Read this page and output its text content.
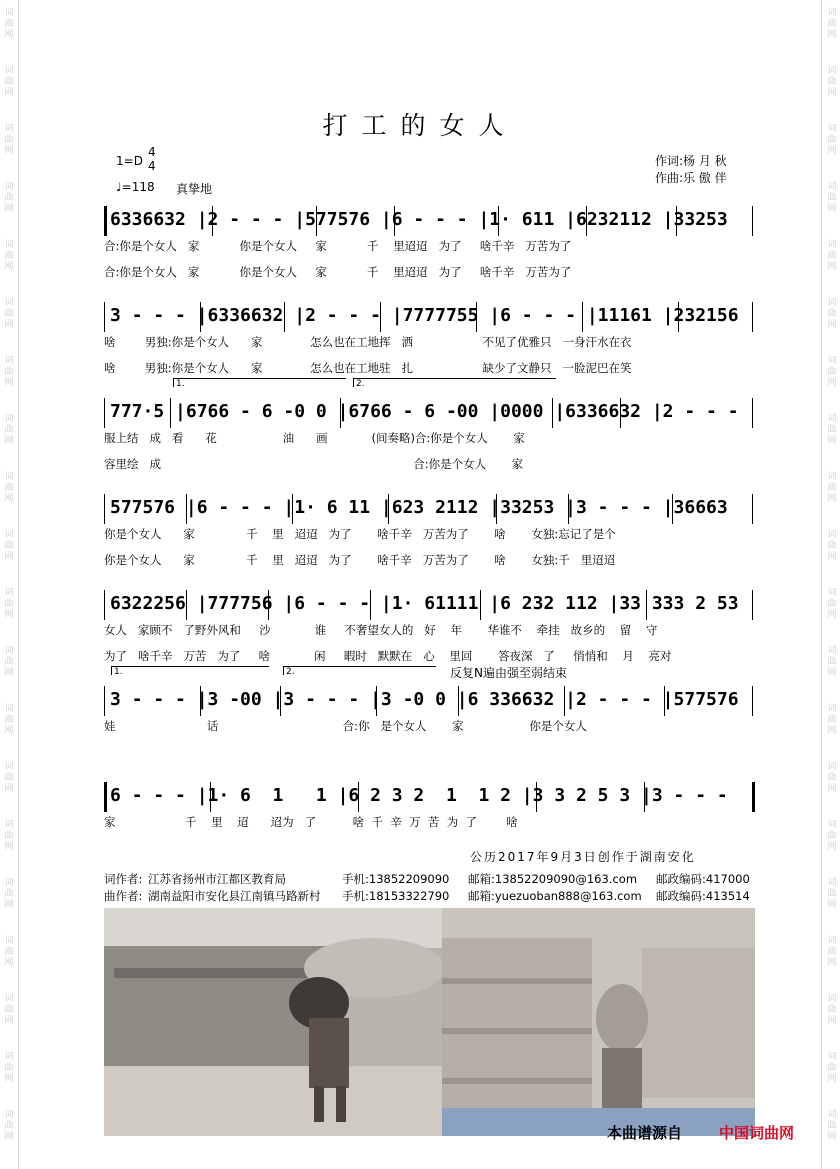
词曲网
词曲网
词曲网
词曲网
词曲网
词曲网
词曲网
词曲网
词曲网
词曲网
词曲网
词曲网
词曲网
词曲网
词曲网
词曲网
词曲网
词曲网
词曲网
词曲网
词曲网
词曲网
词曲网
词曲网
词曲网
词曲网
词曲网
词曲网
词曲网
词曲网
词曲网
词曲网
词曲网
词曲网
词曲网
词曲网
词曲网
词曲网
词曲网
词曲网
打工的女人
1=D
4
4
♩=118 真挚地
作词:杨 月 秋
作曲:乐 傲 伴
6336632 |2 - - - |577576 |6 - - - |1· 611 |6232112 |33253
合:你是个女人   家           你是个女人     家           千    里迢迢   为了     啥千辛   万苦为了
合:你是个女人   家           你是个女人     家           千    里迢迢   为了     啥千辛   万苦为了
3 - - - |6336632 |2 - - - |7777755 |6 - - - |11161 |232156
啥        男独:你是个女人      家             怎么也在工地挥   洒                   不见了优雅只   一身汗水在衣
啥        男独:你是个女人      家             怎么也在工地驻   扎                   缺少了文静只   一脸泥巴在笑
777·5 |6766 - 6 -0 0 |6766 - 6 -00 |0000 |6336632 |2 - - -
服上结   成   看      花                  油      画            (间奏略)合:你是个女人       家
容里绘   成                                                                     合:你是个女人       家
577576 |6 - - - |1· 6 11 |623 2112 |33253 |3 - - - |36663
你是个女人      家              千    里   迢迢   为了       啥千辛   万苦为了       啥       女独:忘记了是个
你是个女人      家              千    里   迢迢   为了       啥千辛   万苦为了       啥       女独:千   里迢迢
6322256 |777756 |6 - - - |1· 61111 |6 232 112 |33 333 2 53
女人   家顾不   了野外风和     沙            谁     不奢望女人的   好    年       华谁不    牵挂   故乡的    留    守
为了   啥千辛   万苦   为了     啥            闲     暇时   默默在   心    里回       答夜深   了     悄悄和    月    亮对
3 - - - |3 -00 |3 - - - |3 -0 0 |6 336632 |2 - - - |577576
娃                         话                                  合:你   是个女人       家                  你是个女人
6 - - - |1· 6  1   1 |6 2 3 2  1  1 2 |3 3 2 5 3 |3 - - -
家                   千    里    迢      迢为   了          啥  千  辛  万  苦  为  了        啥
1.	2.
1.	2.	反复N遍由强至弱结束
公历2017年9月3日创作于湖南安化
词作者: 江苏省扬州市江都区教育局	手机:13852209090 邮箱:13852209090@163.com 邮政编码:417000
曲作者: 湖南益阳市安化县江南镇马路新村 手机:18153322790 邮箱:yuezuoban888@163.com 邮政编码:413514
本曲谱源自 中国词曲网
